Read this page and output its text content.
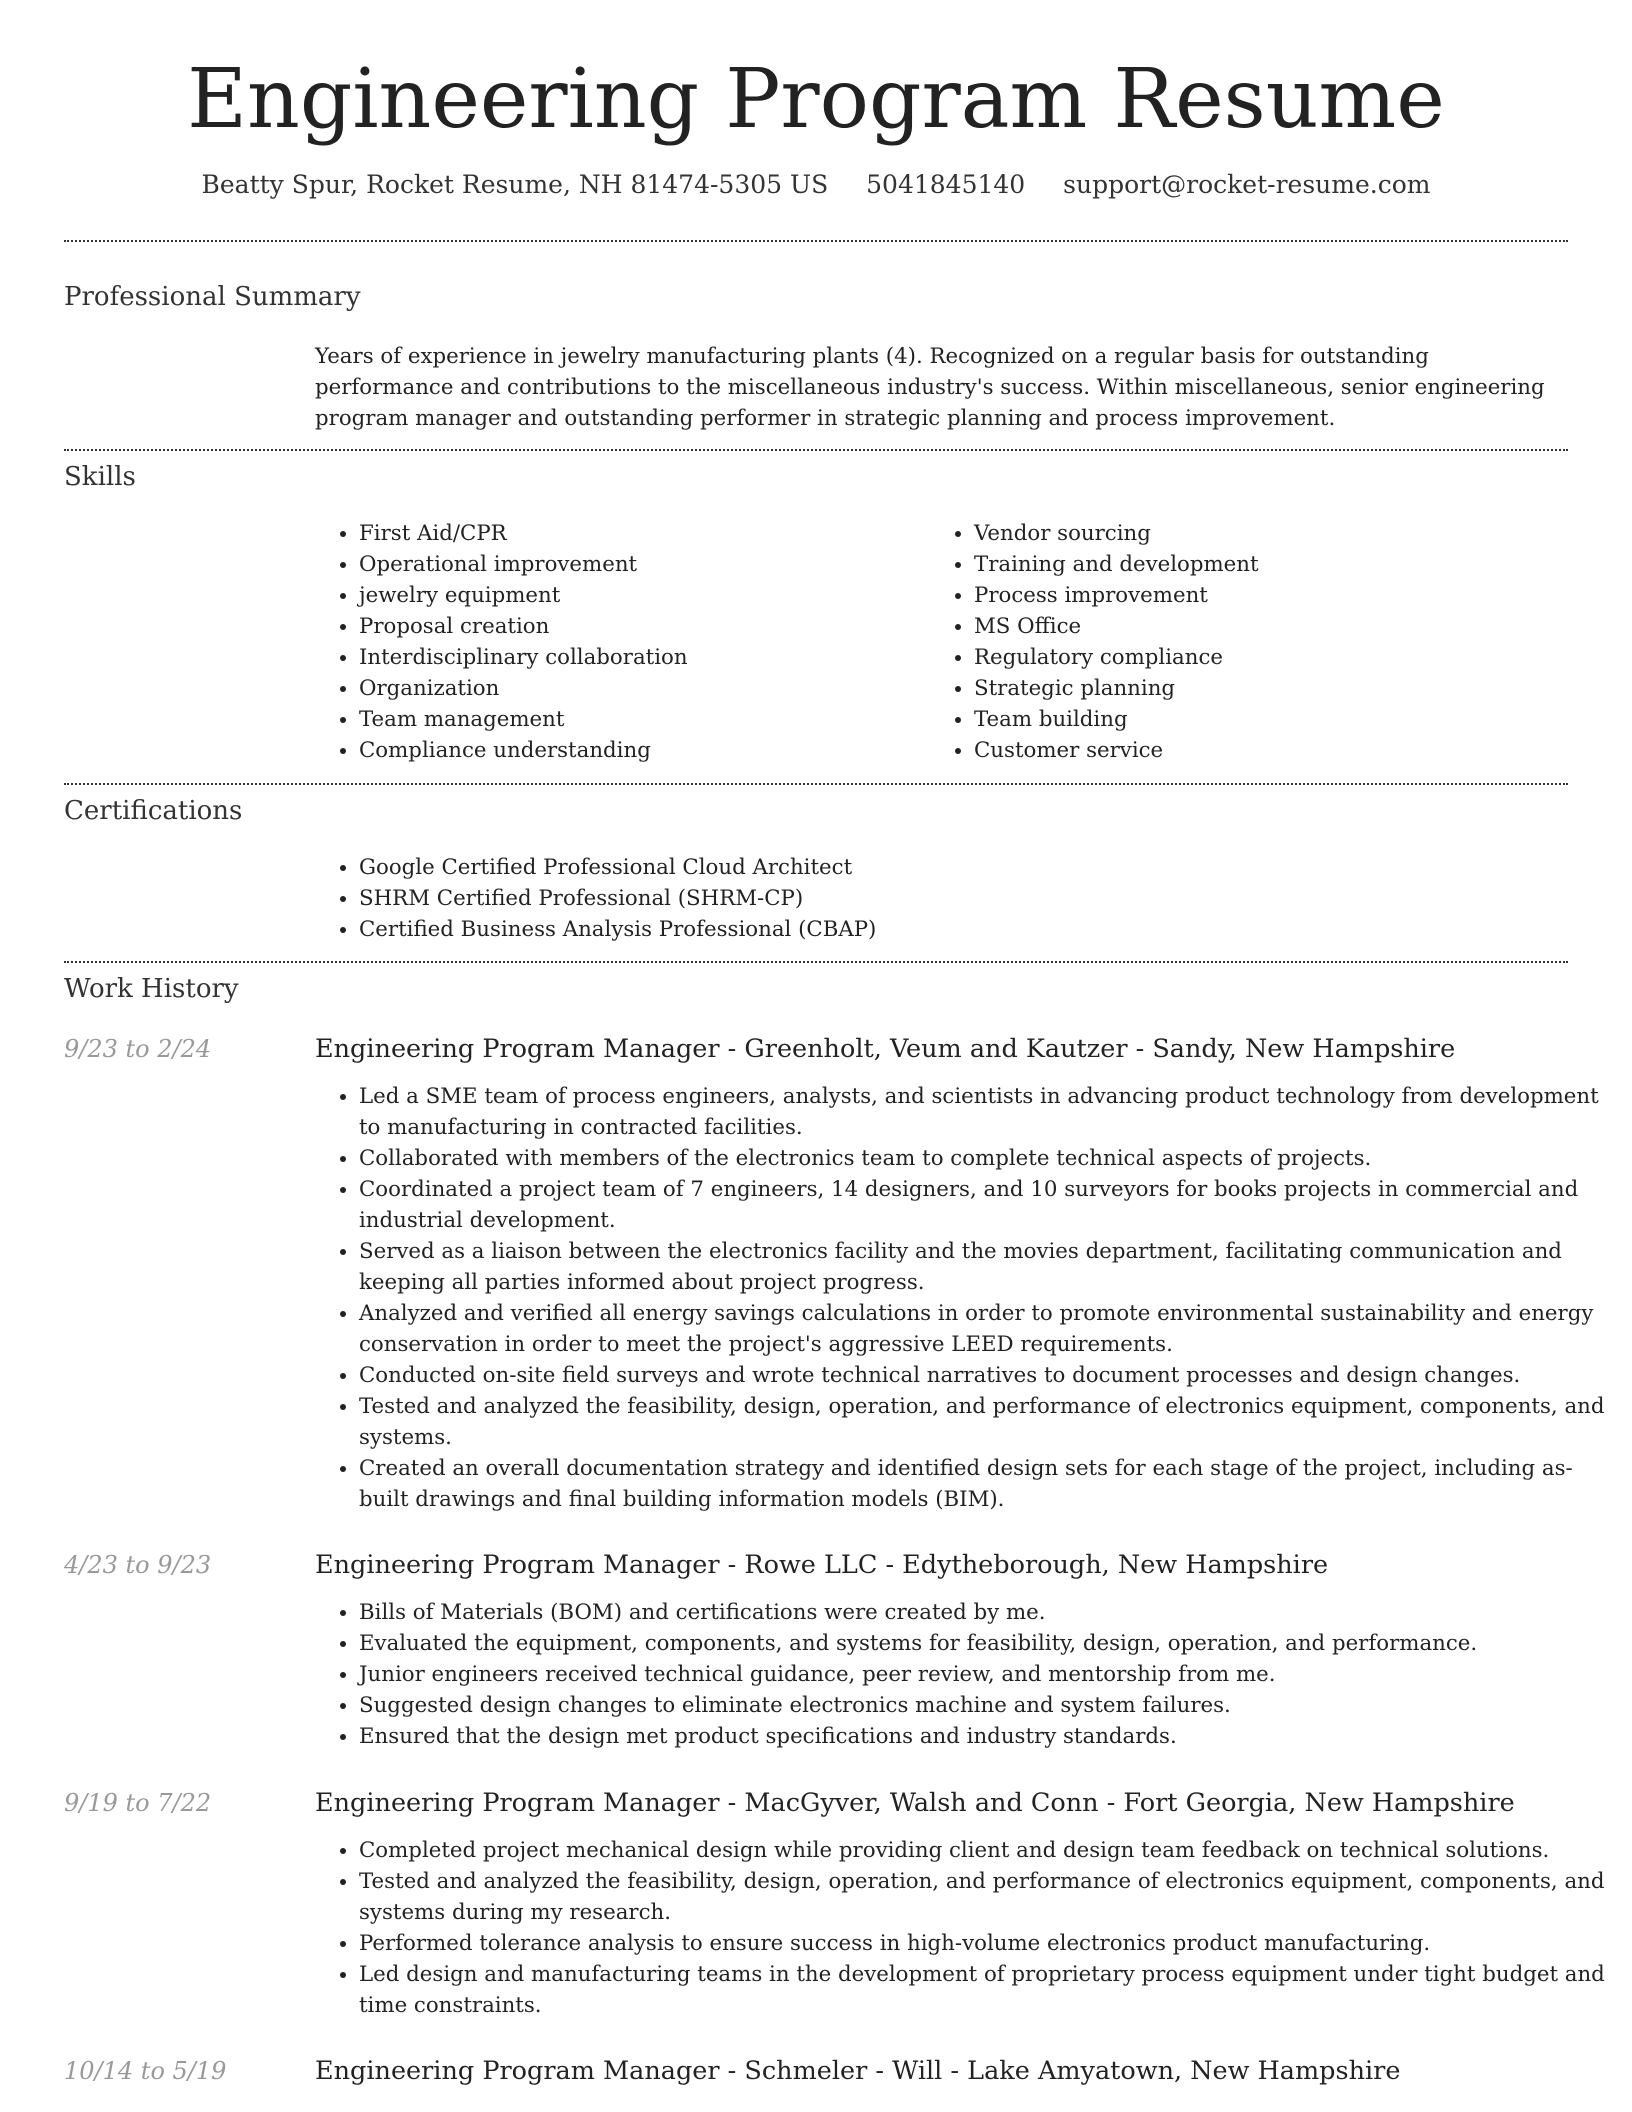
Engineering Program Resume
Beatty Spur, Rocket Resume, NH 81474-5305 US 5041845140 support@rocket-resume.com
Professional Summary

Years of experience in jewelry manufacturing plants (4). Recognized on a regular basis for outstanding performance and contributions to the miscellaneous industry's success. Within miscellaneous, senior engineering program manager and outstanding performer in strategic planning and process improvement.

Skills
• First Aid/CPR
• Operational improvement
• jewelry equipment
• Proposal creation
• Interdisciplinary collaboration
• Organization
• Team management
• Compliance understanding
• Vendor sourcing
• Training and development
• Process improvement
• MS Office
• Regulatory compliance
• Strategic planning
• Team building
• Customer service
Certifications
• Google Certified Professional Cloud Architect
• SHRM Certified Professional (SHRM-CP)
• Certified Business Analysis Professional (CBAP)
Work History
9/23 to 2/24	Engineering Program Manager - Greenholt, Veum and Kautzer - Sandy, New Hampshire
• Led a SME team of process engineers, analysts, and scientists in advancing product technology from development to manufacturing in contracted facilities.
• Collaborated with members of the electronics team to complete technical aspects of projects.
• Coordinated a project team of 7 engineers, 14 designers, and 10 surveyors for books projects in commercial and industrial development.
• Served as a liaison between the electronics facility and the movies department, facilitating communication and keeping all parties informed about project progress.
• Analyzed and verified all energy savings calculations in order to promote environmental sustainability and energy conservation in order to meet the project's aggressive LEED requirements.
• Conducted on-site field surveys and wrote technical narratives to document processes and design changes.
• Tested and analyzed the feasibility, design, operation, and performance of electronics equipment, components, and systems.
• Created an overall documentation strategy and identified design sets for each stage of the project, including as-built drawings and final building information models (BIM).
4/23 to 9/23	Engineering Program Manager - Rowe LLC - Edytheborough, New Hampshire
• Bills of Materials (BOM) and certifications were created by me.
• Evaluated the equipment, components, and systems for feasibility, design, operation, and performance.
• Junior engineers received technical guidance, peer review, and mentorship from me.
• Suggested design changes to eliminate electronics machine and system failures.
• Ensured that the design met product specifications and industry standards.
9/19 to 7/22	Engineering Program Manager - MacGyver, Walsh and Conn - Fort Georgia, New Hampshire
• Completed project mechanical design while providing client and design team feedback on technical solutions.
• Tested and analyzed the feasibility, design, operation, and performance of electronics equipment, components, and systems during my research.
• Performed tolerance analysis to ensure success in high-volume electronics product manufacturing.
• Led design and manufacturing teams in the development of proprietary process equipment under tight budget and time constraints.
10/14 to 5/19	Engineering Program Manager - Schmeler - Will - Lake Amyatown, New Hampshire
